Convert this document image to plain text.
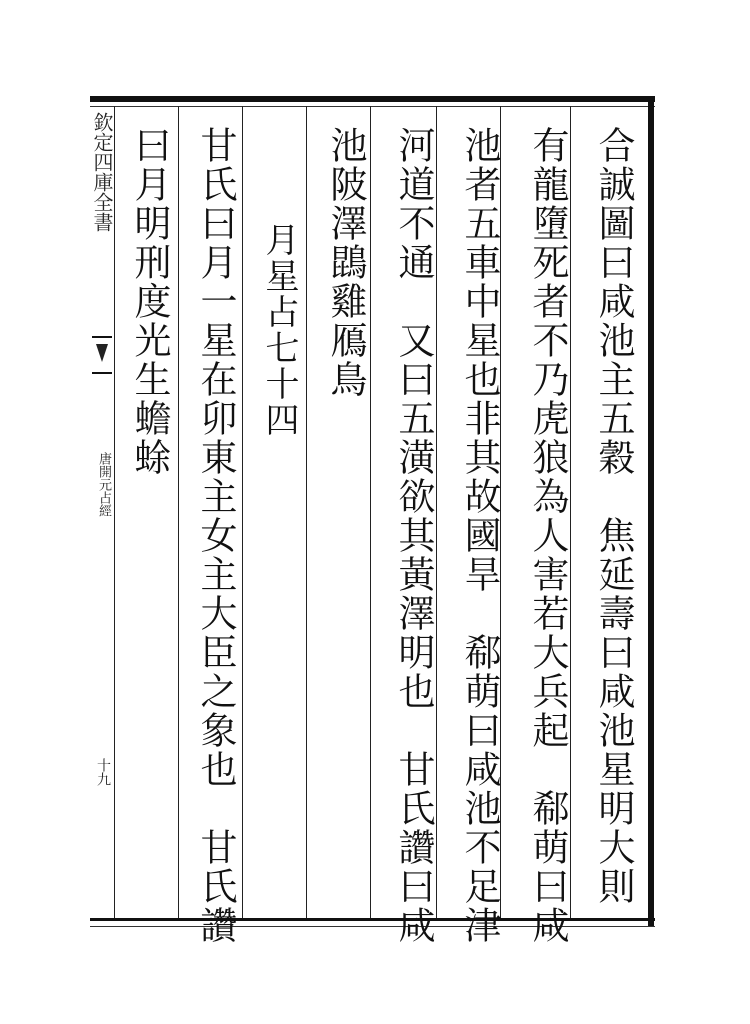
欽定四庫全書
唐開元占經
十九	合誠圖曰咸池主五穀　焦延壽曰咸池星明大則
有龍墮死者不乃虎狼為人害若大兵起　郗萌曰咸
池者五車中星也非其故國旱　郗萌曰咸池不足津
河道不通　又曰五潢欲其黃澤明也　甘氏讚曰咸
池陂澤鵾雞鴈鳥
月星占七十四
甘氏曰月一星在卯東主女主大臣之象也　甘氏讚
曰月明刑度光生蟾蜍
